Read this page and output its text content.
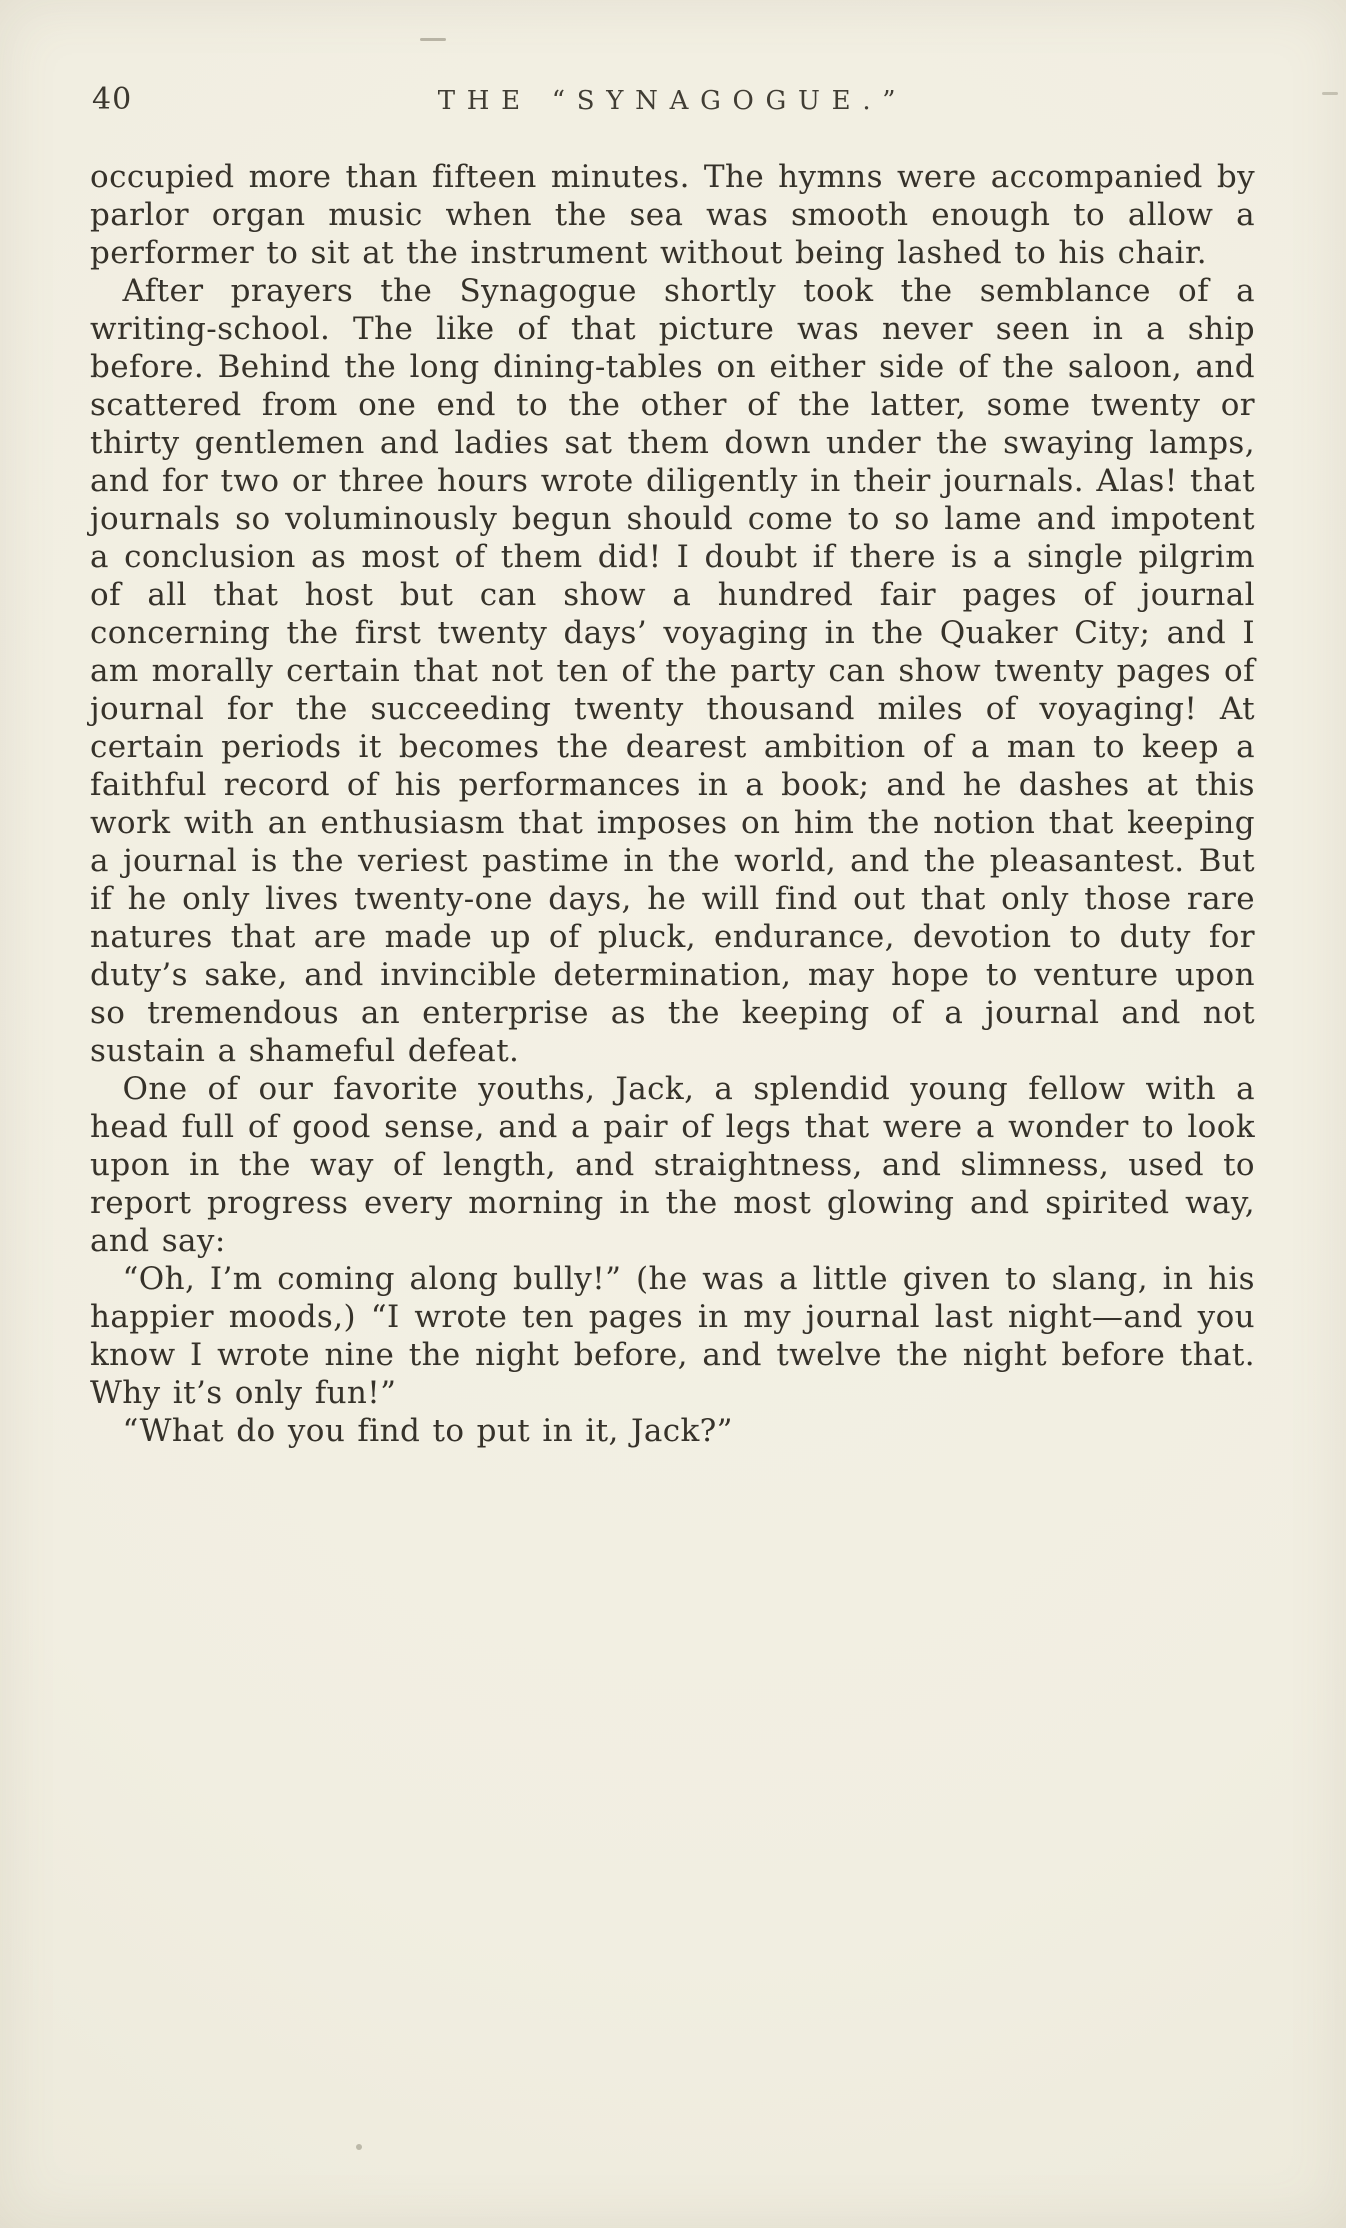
40	THE “SYNAGOGUE.”

occupied more than fifteen minutes. The hymns were accompanied by parlor organ music when the sea was smooth enough to allow a performer to sit at the instrument without being lashed to his chair.

After prayers the Synagogue shortly took the semblance of a writing-school. The like of that picture was never seen in a ship before. Behind the long dining-tables on either side of the saloon, and scattered from one end to the other of the latter, some twenty or thirty gentlemen and ladies sat them down under the swaying lamps, and for two or three hours wrote diligently in their journals. Alas! that journals so voluminously begun should come to so lame and impotent a conclusion as most of them did! I doubt if there is a single pilgrim of all that host but can show a hundred fair pages of journal concerning the first twenty days’ voyaging in the Quaker City; and I am morally certain that not ten of the party can show twenty pages of journal for the succeeding twenty thousand miles of voyaging! At certain periods it becomes the dearest ambition of a man to keep a faithful record of his performances in a book; and he dashes at this work with an enthusiasm that imposes on him the notion that keeping a journal is the veriest pastime in the world, and the pleasantest. But if he only lives twenty-one days, he will find out that only those rare natures that are made up of pluck, endurance, devotion to duty for duty’s sake, and invincible determination, may hope to venture upon so tremendous an enterprise as the keeping of a journal and not sustain a shameful defeat.

One of our favorite youths, Jack, a splendid young fellow with a head full of good sense, and a pair of legs that were a wonder to look upon in the way of length, and straightness, and slimness, used to report progress every morning in the most glowing and spirited way, and say:

“Oh, I’m coming along bully!” (he was a little given to slang, in his happier moods,) “I wrote ten pages in my journal last night—and you know I wrote nine the night before, and twelve the night before that. Why it’s only fun!”

“What do you find to put in it, Jack?”
